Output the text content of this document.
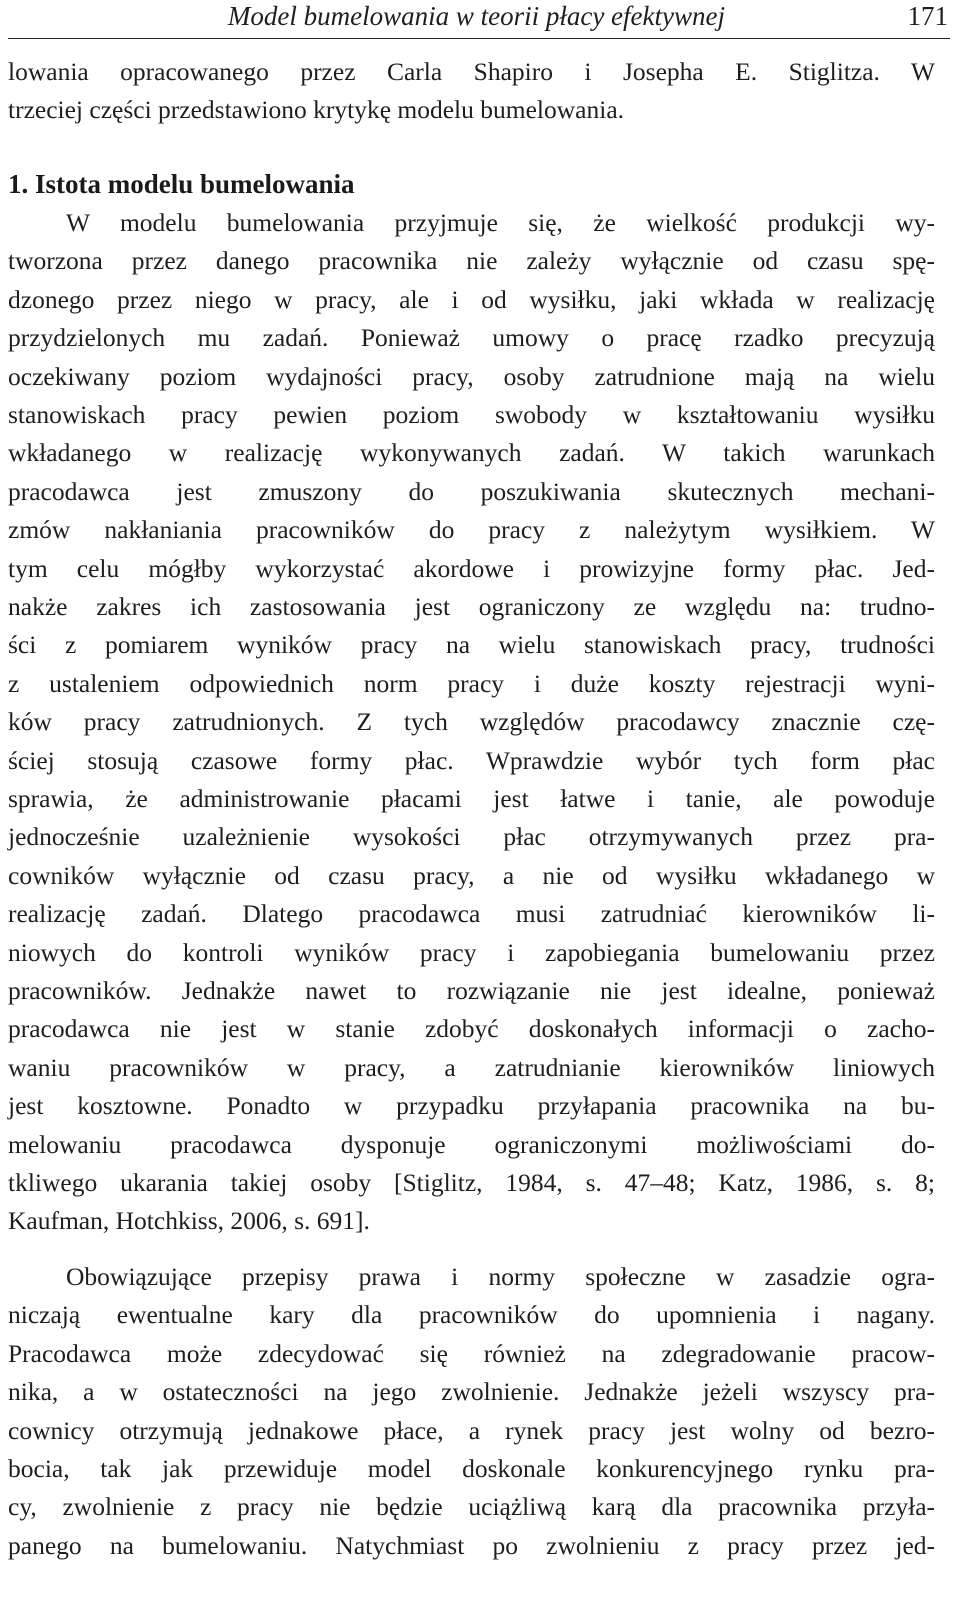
Model bumelowania w teorii płacy efektywnej	171
lowania opracowanego przez Carla Shapiro i Josepha E. Stiglitza. W
trzeciej części przedstawiono krytykę modelu bumelowania.
1. Istota modelu bumelowania
W modelu bumelowania przyjmuje się, że wielkość produkcji wy-
tworzona przez danego pracownika nie zależy wyłącznie od czasu spę-
dzonego przez niego w pracy, ale i od wysiłku, jaki wkłada w realizację
przydzielonych mu zadań. Ponieważ umowy o pracę rzadko precyzują
oczekiwany poziom wydajności pracy, osoby zatrudnione mają na wielu
stanowiskach pracy pewien poziom swobody w kształtowaniu wysiłku
wkładanego w realizację wykonywanych zadań. W takich warunkach
pracodawca jest zmuszony do poszukiwania skutecznych mechani-
zmów nakłaniania pracowników do pracy z należytym wysiłkiem. W
tym celu mógłby wykorzystać akordowe i prowizyjne formy płac. Jed-
nakże zakres ich zastosowania jest ograniczony ze względu na: trudno-
ści z pomiarem wyników pracy na wielu stanowiskach pracy, trudności
z ustaleniem odpowiednich norm pracy i duże koszty rejestracji wyni-
ków pracy zatrudnionych. Z tych względów pracodawcy znacznie czę-
ściej stosują czasowe formy płac. Wprawdzie wybór tych form płac
sprawia, że administrowanie płacami jest łatwe i tanie, ale powoduje
jednocześnie uzależnienie wysokości płac otrzymywanych przez pra-
cowników wyłącznie od czasu pracy, a nie od wysiłku wkładanego w
realizację zadań. Dlatego pracodawca musi zatrudniać kierowników li-
niowych do kontroli wyników pracy i zapobiegania bumelowaniu przez
pracowników. Jednakże nawet to rozwiązanie nie jest idealne, ponieważ
pracodawca nie jest w stanie zdobyć doskonałych informacji o zacho-
waniu pracowników w pracy, a zatrudnianie kierowników liniowych
jest kosztowne. Ponadto w przypadku przyłapania pracownika na bu-
melowaniu pracodawca dysponuje ograniczonymi możliwościami do-
tkliwego ukarania takiej osoby [Stiglitz, 1984, s. 47–48; Katz, 1986, s. 8;
Kaufman, Hotchkiss, 2006, s. 691].
Obowiązujące przepisy prawa i normy społeczne w zasadzie ogra-
niczają ewentualne kary dla pracowników do upomnienia i nagany.
Pracodawca może zdecydować się również na zdegradowanie pracow-
nika, a w ostateczności na jego zwolnienie. Jednakże jeżeli wszyscy pra-
cownicy otrzymują jednakowe płace, a rynek pracy jest wolny od bezro-
bocia, tak jak przewiduje model doskonale konkurencyjnego rynku pra-
cy, zwolnienie z pracy nie będzie uciążliwą karą dla pracownika przyła-
panego na bumelowaniu. Natychmiast po zwolnieniu z pracy przez jed-
